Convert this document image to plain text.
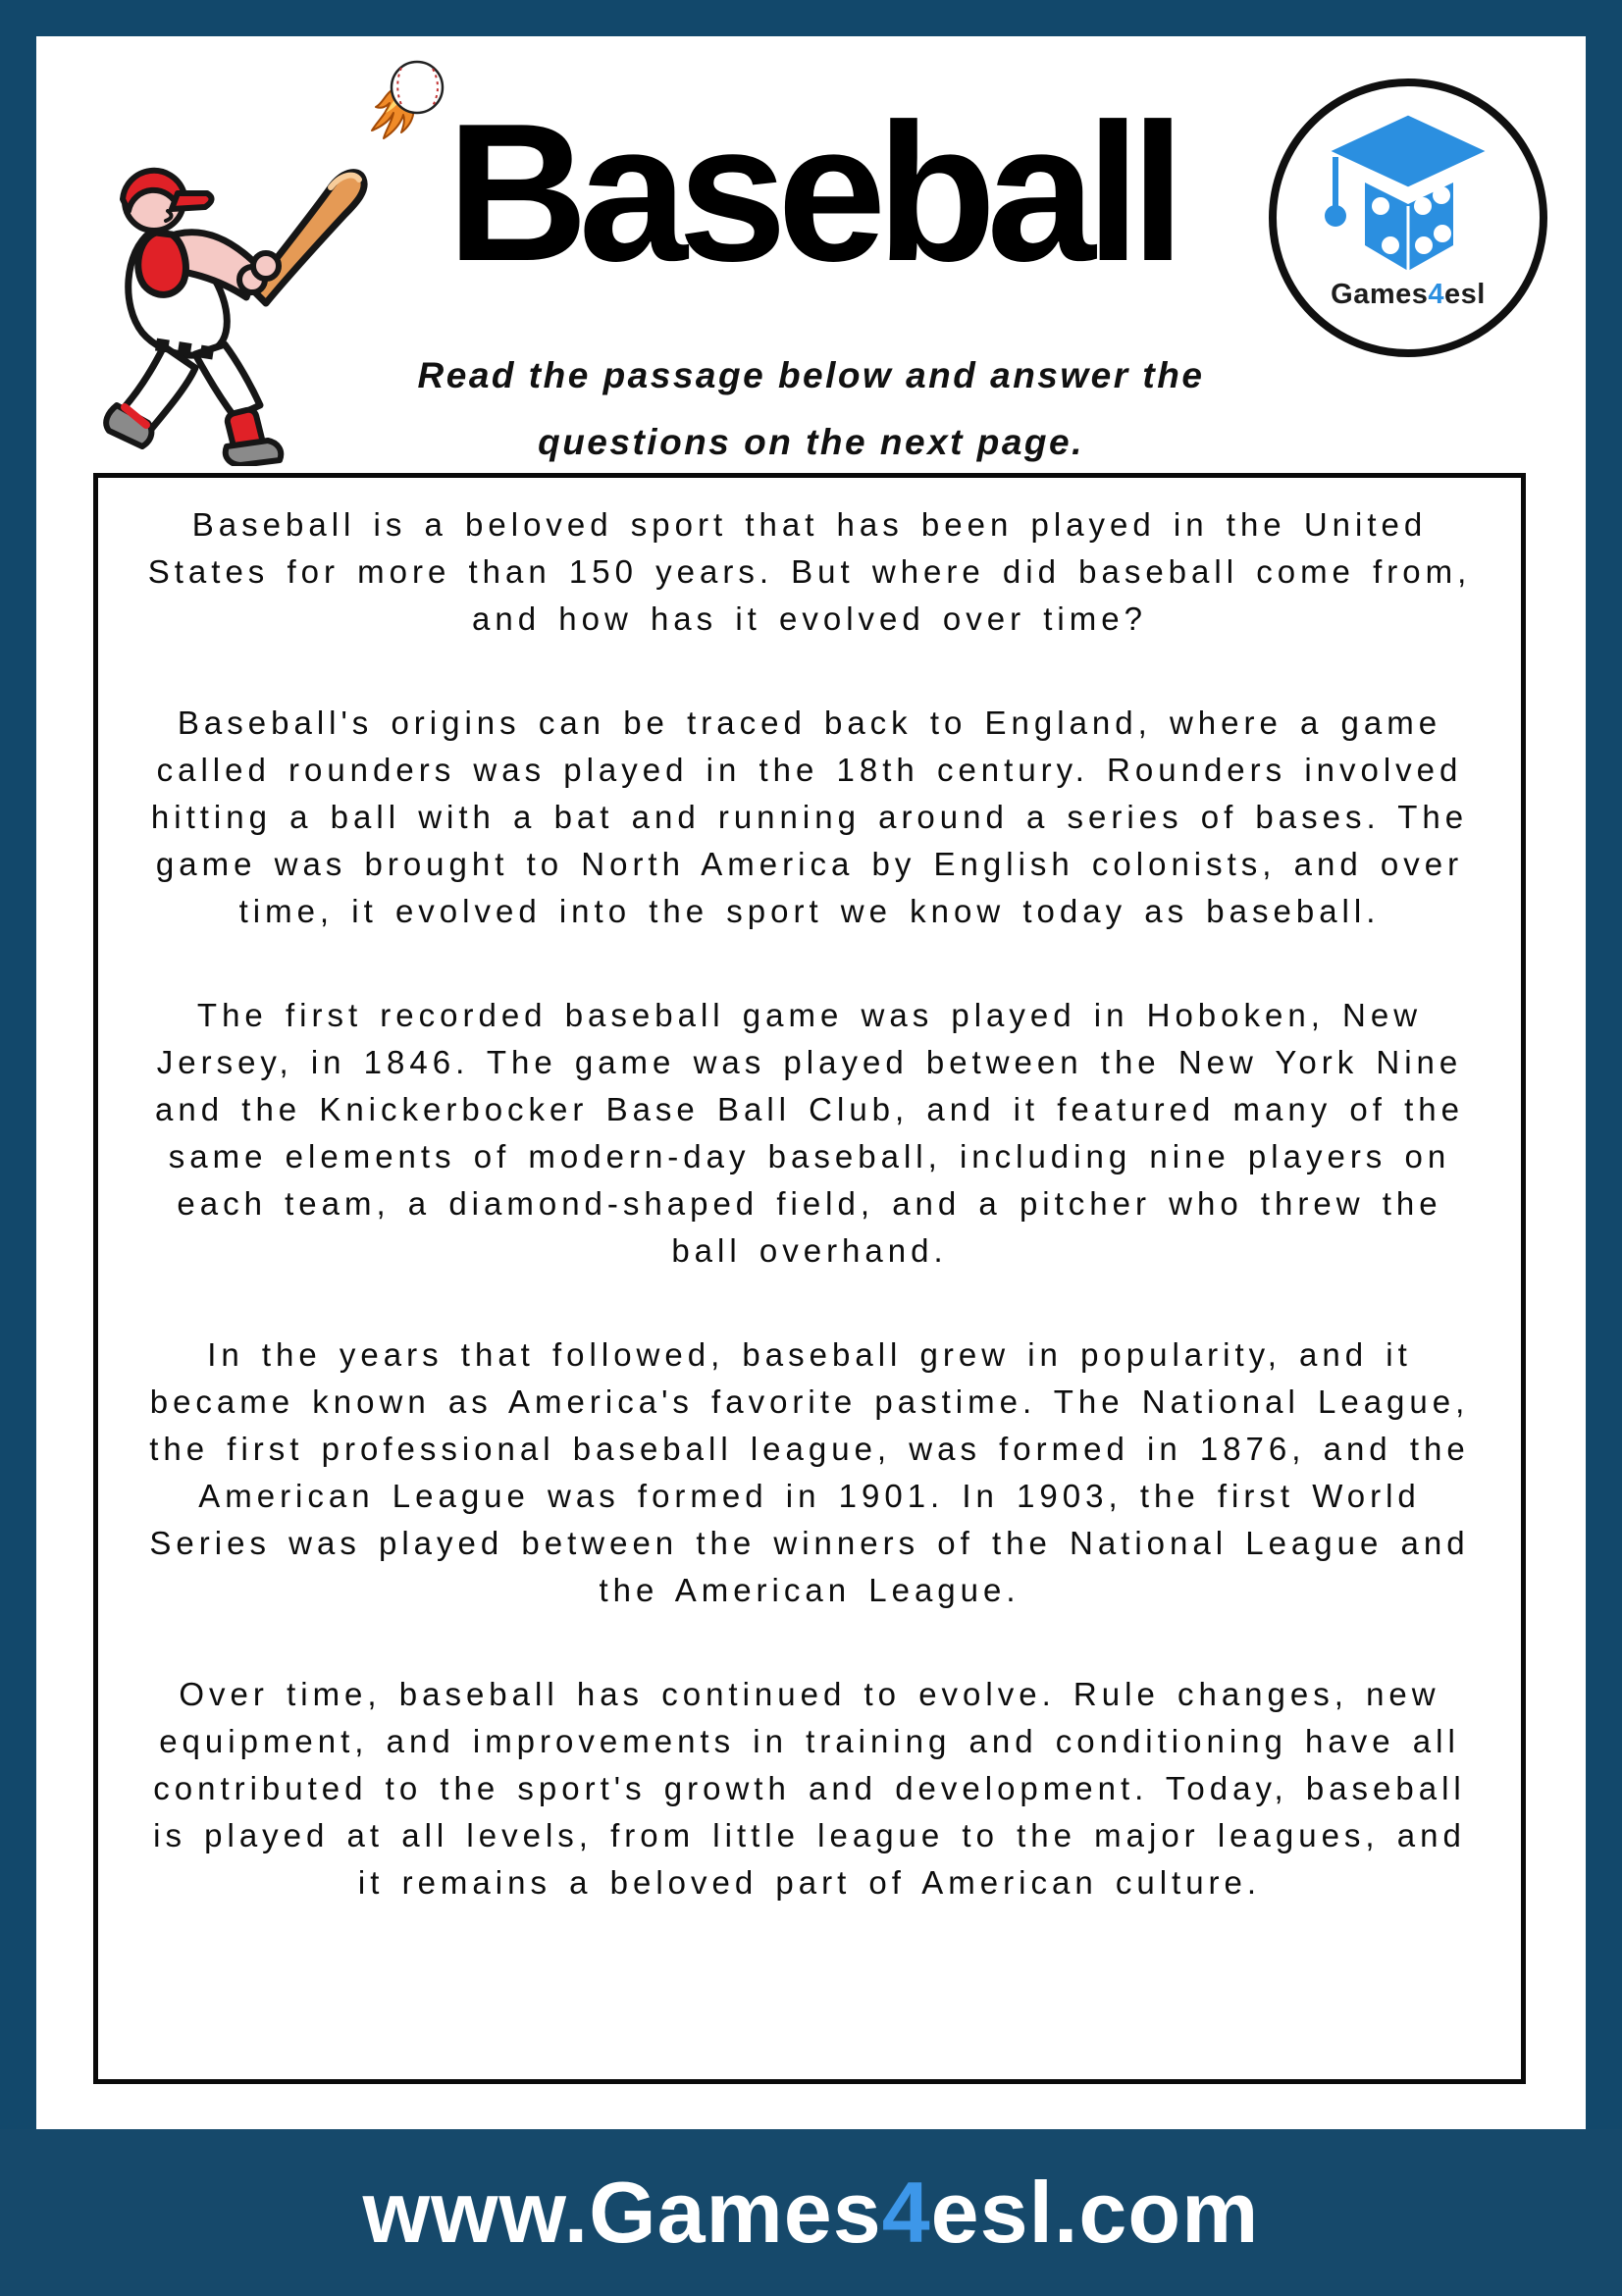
Baseball
Read the passage below and answer the
questions on the next page.
Games4esl

Baseball is a beloved sport that has been played in the United States for more than 150 years. But where did baseball come from, and how has it evolved over time?

Baseball's origins can be traced back to England, where a game called rounders was played in the 18th century. Rounders involved hitting a ball with a bat and running around a series of bases. The game was brought to North America by English colonists, and over time, it evolved into the sport we know today as baseball.

The first recorded baseball game was played in Hoboken, New Jersey, in 1846. The game was played between the New York Nine and the Knickerbocker Base Ball Club, and it featured many of the same elements of modern-day baseball, including nine players on each team, a diamond-shaped field, and a pitcher who threw the ball overhand.

In the years that followed, baseball grew in popularity, and it became known as America's favorite pastime. The National League, the first professional baseball league, was formed in 1876, and the American League was formed in 1901. In 1903, the first World Series was played between the winners of the National League and the American League.

Over time, baseball has continued to evolve. Rule changes, new equipment, and improvements in training and conditioning have all contributed to the sport's growth and development. Today, baseball is played at all levels, from little league to the major leagues, and it remains a beloved part of American culture.

www.Games4esl.com
